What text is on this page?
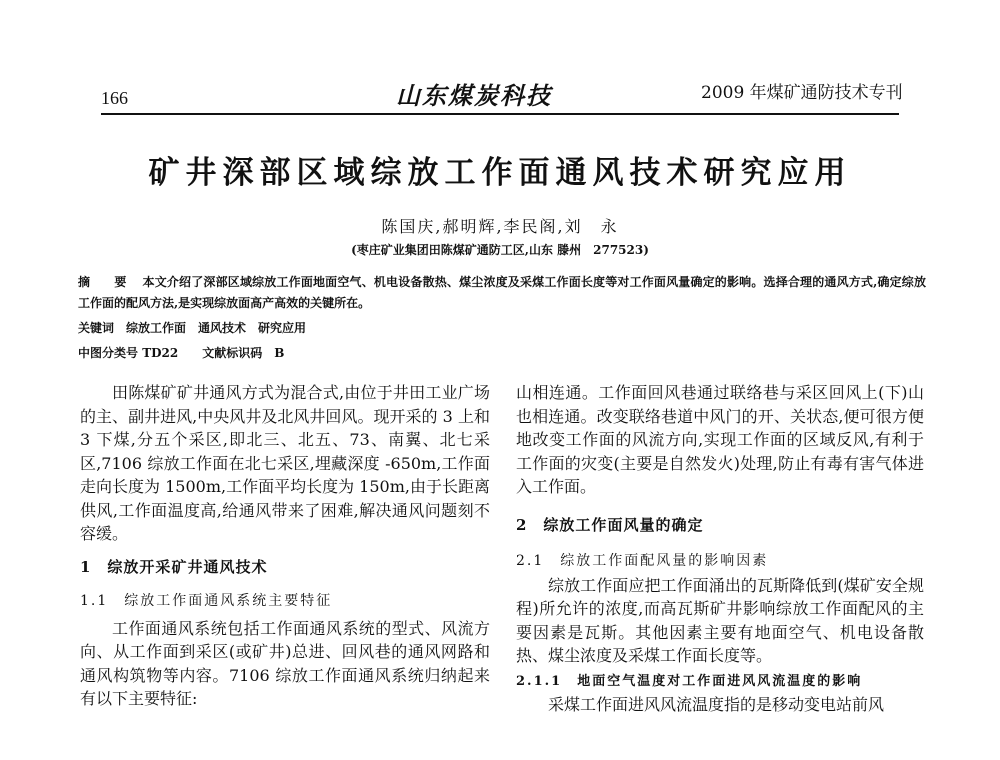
166	山东煤炭科技	2009 年煤矿通防技术专刊
矿井深部区域综放工作面通风技术研究应用
陈国庆,郝明辉,李民阁,刘　永
(枣庄矿业集团田陈煤矿通防工区,山东 滕州　277523)
摘　要 本文介绍了深部区域综放工作面地面空气、机电设备散热、煤尘浓度及采煤工作面长度等对工作面风量确定的影响。选择合理的通风方式,确定综放工作面的配风方法,是实现综放面高产高效的关键所在。
关键词　 综放工作面　通风技术　研究应用
中图分类号 TD22 文献标识码　 B

田陈煤矿矿井通风方式为混合式,由位于井田工业广场的主、副井进风,中央风井及北风井回风。现开采的 3 上和 3 下煤,分五个采区,即北三、北五、73、南翼、北七采区,7106 综放工作面在北七采区,埋藏深度 -650m,工作面走向长度为 1500m,工作面平均长度为 150m,由于长距离供风,工作面温度高,给通风带来了困难,解决通风问题刻不容缓。

1　综放开采矿井通风技术

1.1　综放工作面通风系统主要特征

工作面通风系统包括工作面通风系统的型式、风流方向、从工作面到采区(或矿井)总进、回风巷的通风网路和通风构筑物等内容。7106 综放工作面通风系统归纳起来有以下主要特征:

山相连通。工作面回风巷通过联络巷与采区回风上(下)山也相连通。改变联络巷道中风门的开、关状态,便可很方便地改变工作面的风流方向,实现工作面的区域反风,有利于工作面的灾变(主要是自然发火)处理,防止有毒有害气体进入工作面。

2　综放工作面风量的确定

2.1　综放工作面配风量的影响因素

综放工作面应把工作面涌出的瓦斯降低到(煤矿安全规程)所允许的浓度,而高瓦斯矿井影响综放工作面配风的主要因素是瓦斯。其他因素主要有地面空气、机电设备散热、煤尘浓度及采煤工作面长度等。

2.1.1　地面空气温度对工作面进风风流温度的影响

采煤工作面进风风流温度指的是移动变电站前风
